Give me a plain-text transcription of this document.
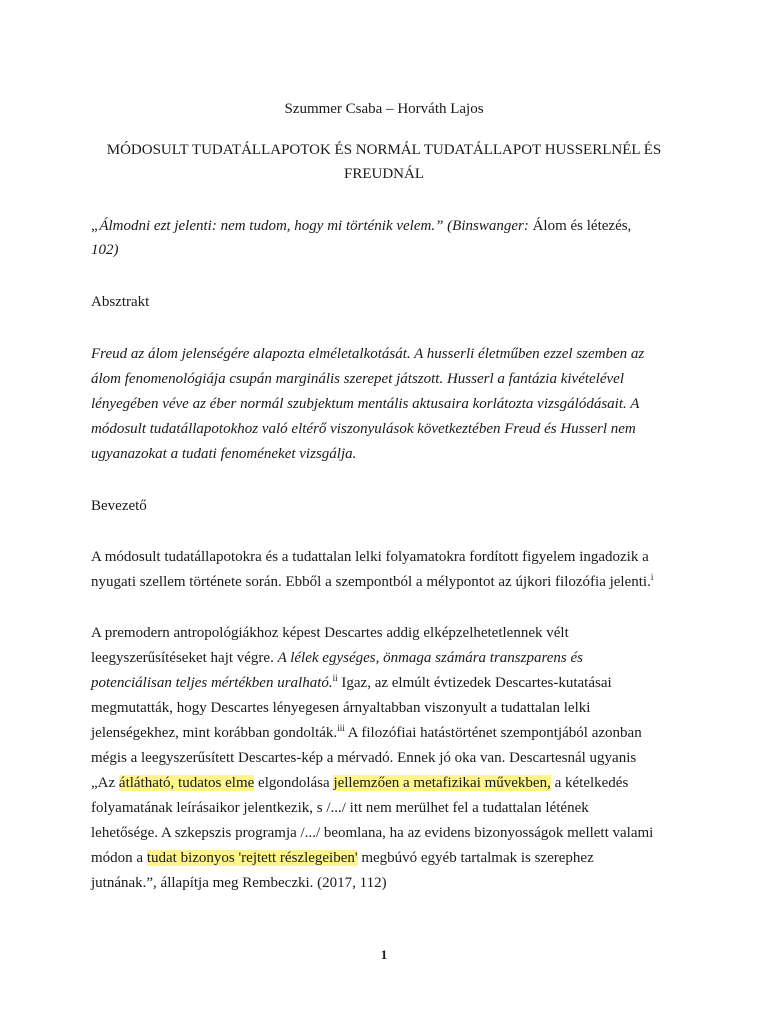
Szummer Csaba – Horváth Lajos
MÓDOSULT TUDATÁLLAPOTOK ÉS NORMÁL TUDATÁLLAPOT HUSSERLNÉL ÉS
FREUDNÁL
„Álmodni ezt jelenti: nem tudom, hogy mi történik velem.” (Binswanger: Álom és létezés,
102)
Absztrakt
Freud az álom jelenségére alapozta elméletalkotását. A husserli életműben ezzel szemben az
álom fenomenológiája csupán marginális szerepet játszott. Husserl a fantázia kivételével
lényegében véve az éber normál szubjektum mentális aktusaira korlátozta vizsgálódásait. A
módosult tudatállapotokhoz való eltérő viszonyulások következtében Freud és Husserl nem
ugyanazokat a tudati fenoméneket vizsgálja.
Bevezető
A módosult tudatállapotokra és a tudattalan lelki folyamatokra fordított figyelem ingadozik a
nyugati szellem története során. Ebből a szempontból a mélypontot az újkori filozófia jelenti.$^i$
A premodern antropológiákhoz képest Descartes addig elképzelhetetlennek vélt
leegyszerűsítéseket hajt végre. A lélek egységes, önmaga számára transzparens és
potenciálisan teljes mértékben uralható.$^{ii}$ Igaz, az elmúlt évtizedek Descartes-kutatásai
megmutatták, hogy Descartes lényegesen árnyaltabban viszonyult a tudattalan lelki
jelenségekhez, mint korábban gondolták.$^{iii}$ A filozófiai hatástörténet szempontjából azonban
mégis a leegyszerűsített Descartes-kép a mérvadó. Ennek jó oka van. Descartesnál ugyanis
„Az átlátható, tudatos elme elgondolása jellemzően a metafizikai művekben, a kételkedés
folyamatának leírásaikor jelentkezik, s /.../ itt nem merülhet fel a tudattalan létének
lehetősége. A szkepszis programja /.../ beomlana, ha az evidens bizonyosságok mellett valami
módon a tudat bizonyos 'rejtett részlegeiben' megbúvó egyéb tartalmak is szerephez
jutnának.”, állapítja meg Rembeczki. (2017, 112)
1
